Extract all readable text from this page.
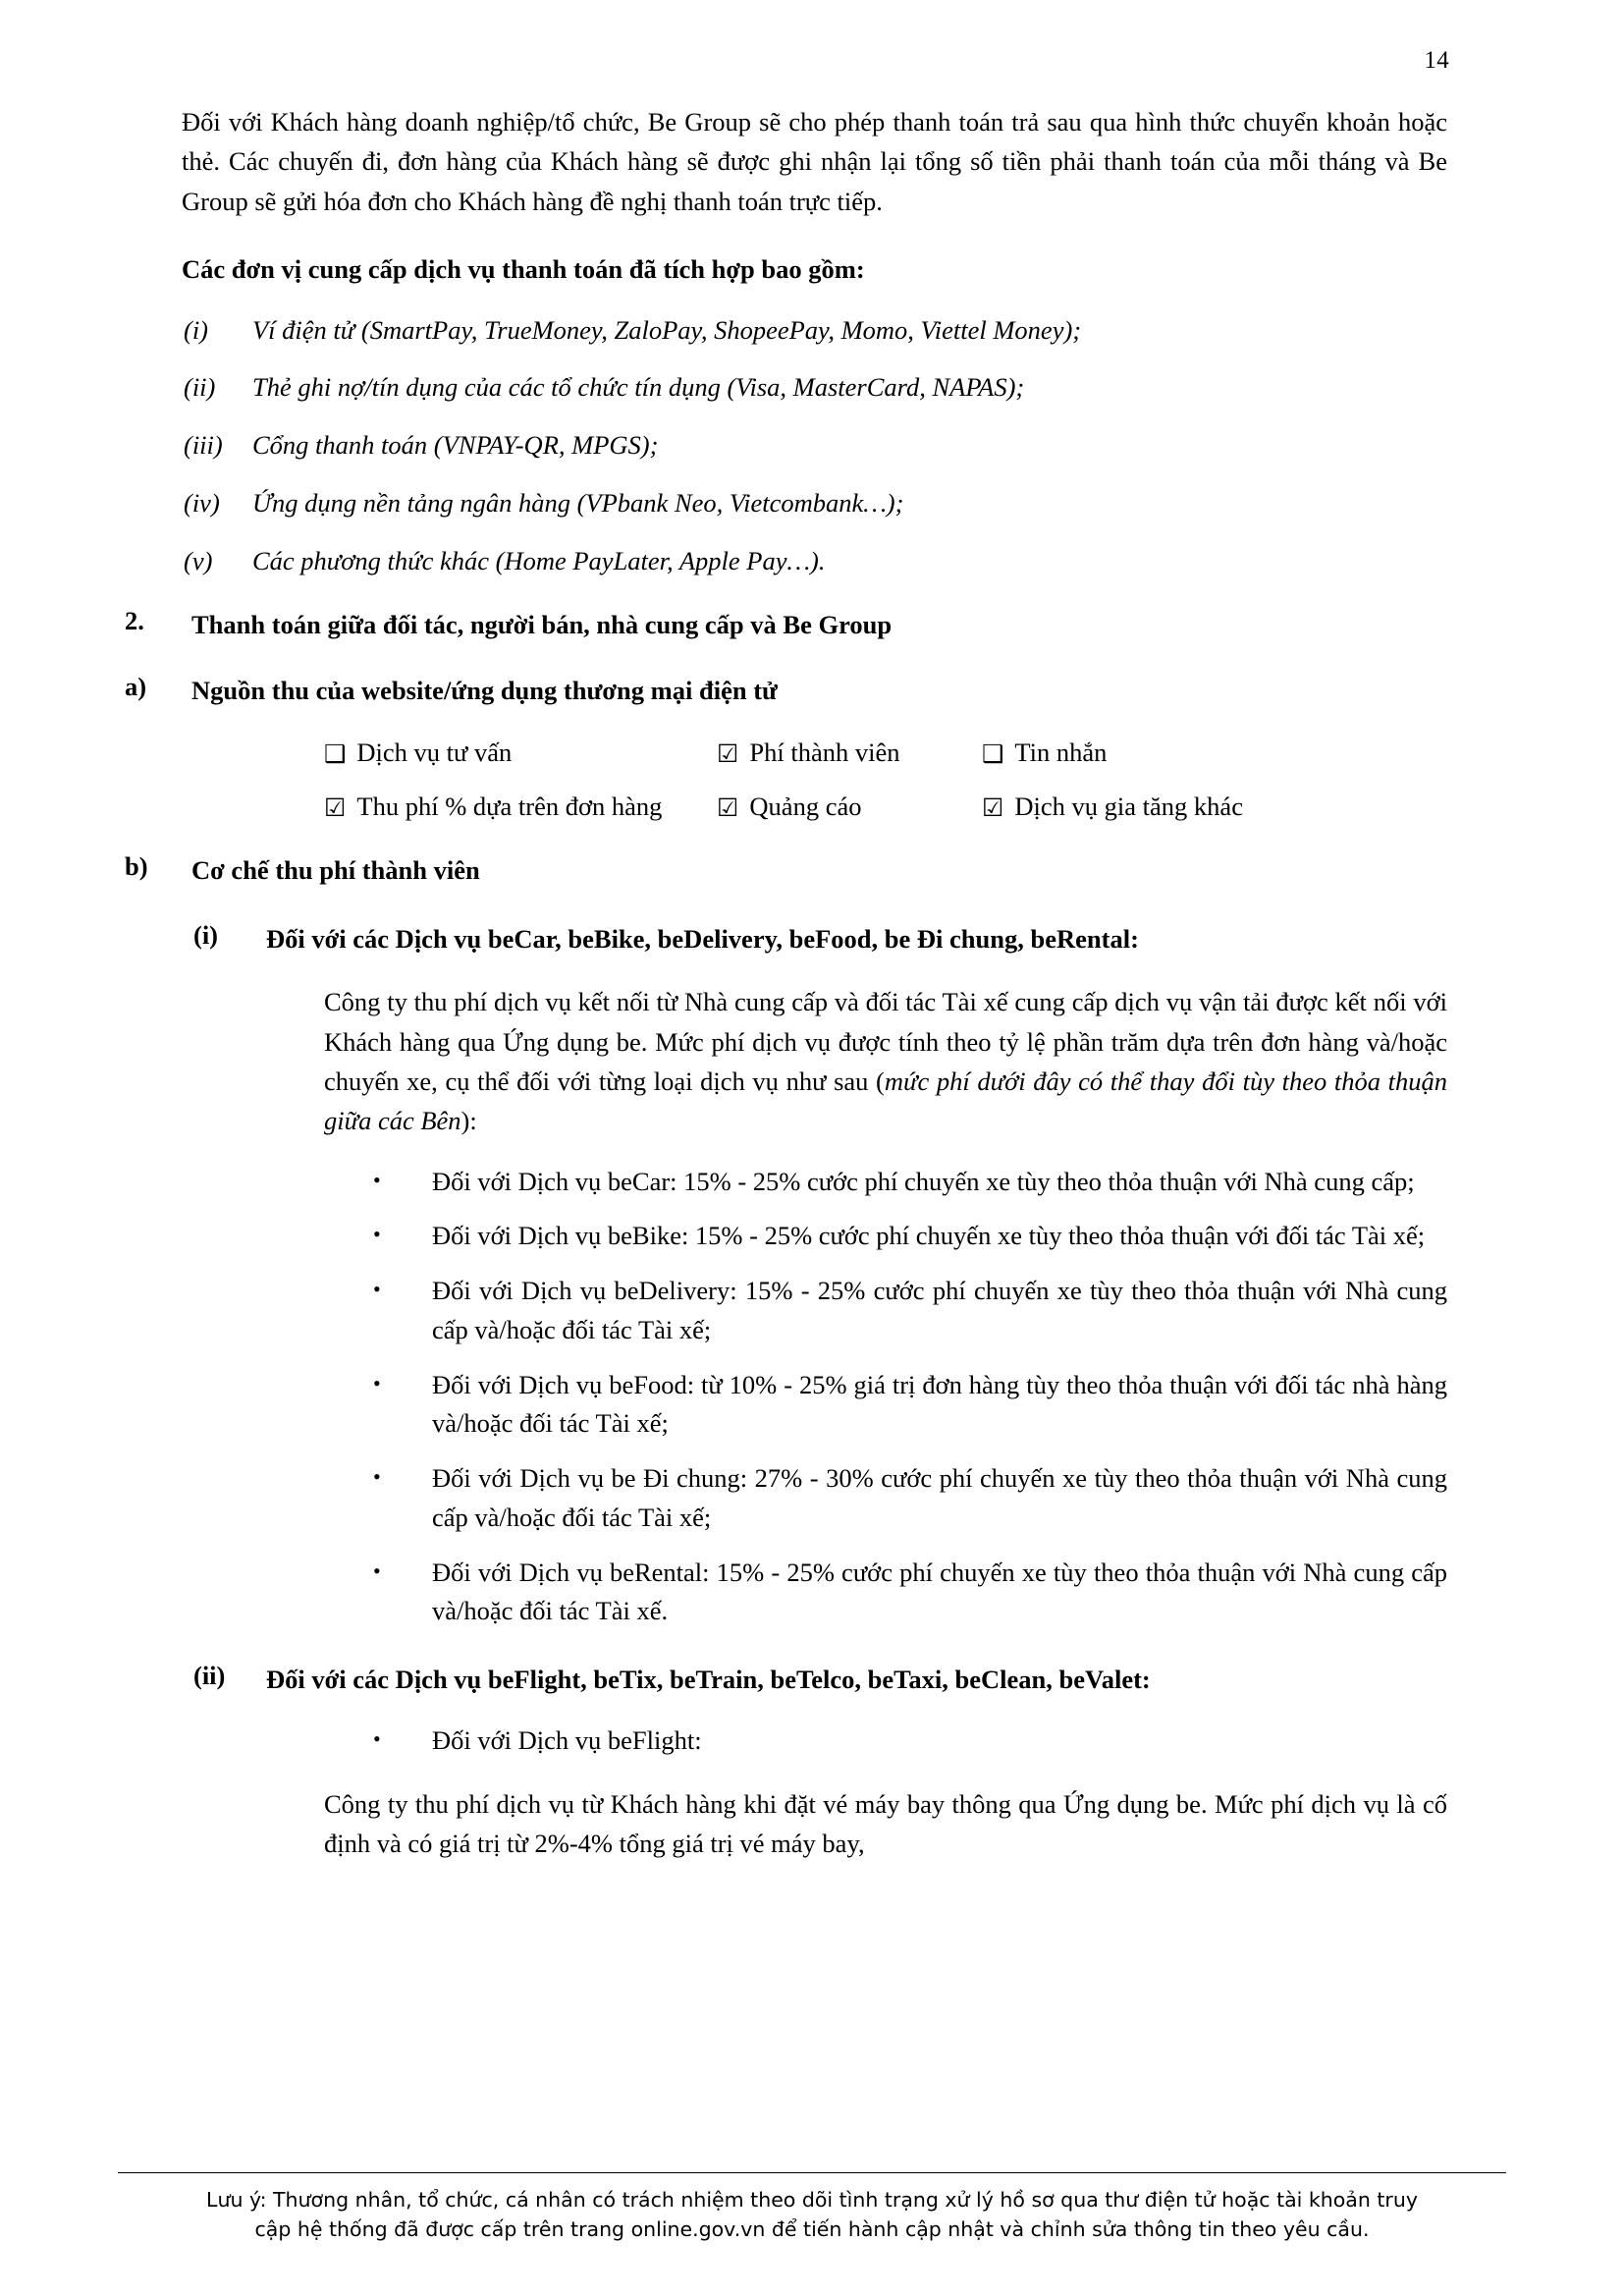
14

Đối với Khách hàng doanh nghiệp/tổ chức, Be Group sẽ cho phép thanh toán trả sau qua hình thức chuyển khoản hoặc thẻ. Các chuyến đi, đơn hàng của Khách hàng sẽ được ghi nhận lại tổng số tiền phải thanh toán của mỗi tháng và Be Group sẽ gửi hóa đơn cho Khách hàng đề nghị thanh toán trực tiếp.

Các đơn vị cung cấp dịch vụ thanh toán đã tích hợp bao gồm:

(i)	Ví điện tử (SmartPay, TrueMoney, ZaloPay, ShopeePay, Momo, Viettel Money);
(ii)	Thẻ ghi nợ/tín dụng của các tổ chức tín dụng (Visa, MasterCard, NAPAS);
(iii)	Cổng thanh toán (VNPAY-QR, MPGS);
(iv)	Ứng dụng nền tảng ngân hàng (VPbank Neo, Vietcombank…);
(v)	Các phương thức khác (Home PayLater, Apple Pay…).
2.	Thanh toán giữa đối tác, người bán, nhà cung cấp và Be Group
a)	Nguồn thu của website/ứng dụng thương mại điện tử
❑ Dịch vụ tư vấn	☑ Phí thành viên	❑ Tin nhắn
☑ Thu phí % dựa trên đơn hàng ☑ Quảng cáo	☑ Dịch vụ gia tăng khác
b)	Cơ chế thu phí thành viên
(i)	Đối với các Dịch vụ beCar, beBike, beDelivery, beFood, be Đi chung, beRental:

Công ty thu phí dịch vụ kết nối từ Nhà cung cấp và đối tác Tài xế cung cấp dịch vụ vận tải được kết nối với Khách hàng qua Ứng dụng be. Mức phí dịch vụ được tính theo tỷ lệ phần trăm dựa trên đơn hàng và/hoặc chuyến xe, cụ thể đối với từng loại dịch vụ như sau (mức phí dưới đây có thể thay đổi tùy theo thỏa thuận giữa các Bên):

•	Đối với Dịch vụ beCar: 15% - 25% cước phí chuyến xe tùy theo thỏa thuận với Nhà cung cấp;
•	Đối với Dịch vụ beBike: 15% - 25% cước phí chuyến xe tùy theo thỏa thuận với đối tác Tài xế;
•	Đối với Dịch vụ beDelivery: 15% - 25% cước phí chuyến xe tùy theo thỏa thuận với Nhà cung cấp và/hoặc đối tác Tài xế;
•	Đối với Dịch vụ beFood: từ 10% - 25% giá trị đơn hàng tùy theo thỏa thuận với đối tác nhà hàng và/hoặc đối tác Tài xế;
•	Đối với Dịch vụ be Đi chung: 27% - 30% cước phí chuyến xe tùy theo thỏa thuận với Nhà cung cấp và/hoặc đối tác Tài xế;
•	Đối với Dịch vụ beRental: 15% - 25% cước phí chuyến xe tùy theo thỏa thuận với Nhà cung cấp và/hoặc đối tác Tài xế.
(ii)	Đối với các Dịch vụ beFlight, beTix, beTrain, beTelco, beTaxi, beClean, beValet:
•	Đối với Dịch vụ beFlight:

Công ty thu phí dịch vụ từ Khách hàng khi đặt vé máy bay thông qua Ứng dụng be. Mức phí dịch vụ là cố định và có giá trị từ 2%-4% tổng giá trị vé máy bay,

Lưu ý: Thương nhân, tổ chức, cá nhân có trách nhiệm theo dõi tình trạng xử lý hồ sơ qua thư điện tử hoặc tài khoản truy
cập hệ thống đã được cấp trên trang online.gov.vn để tiến hành cập nhật và chỉnh sửa thông tin theo yêu cầu.
